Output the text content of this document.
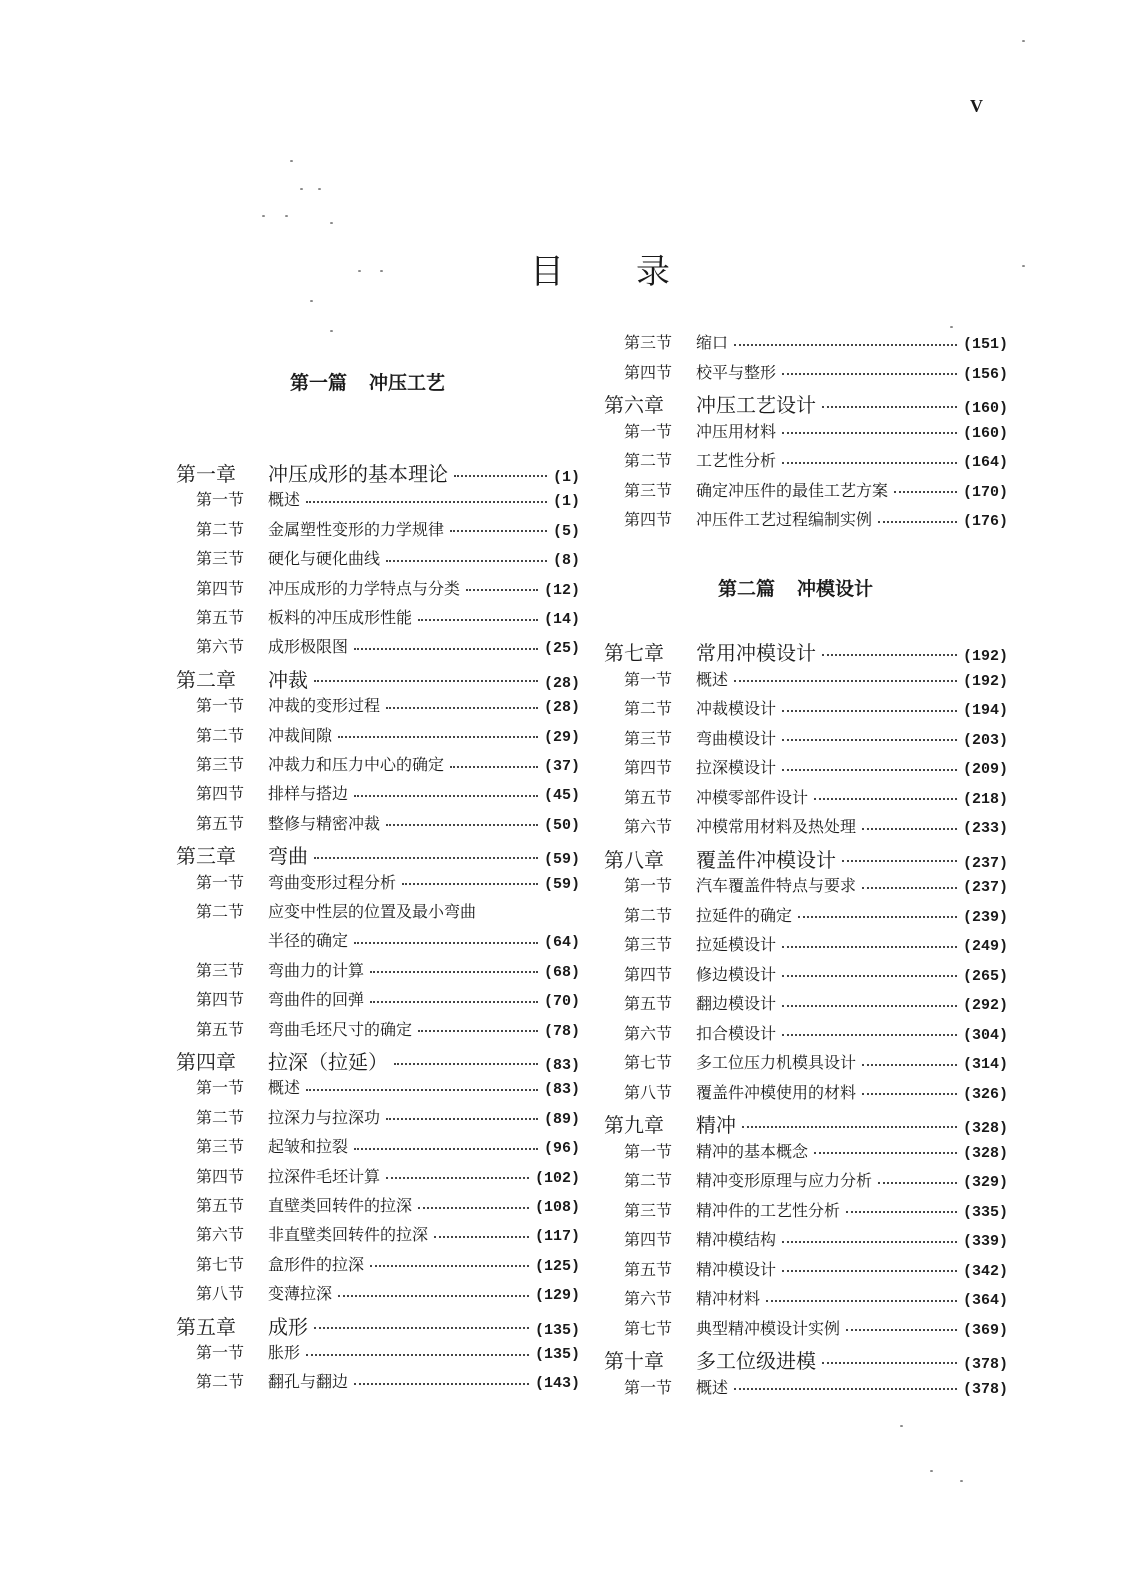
V
目 录
第一篇 冲压工艺
第二篇 冲模设计
第一章	冲压成形的基本理论	(1)
第一节	概述	(1)
第二节	金属塑性变形的力学规律	(5)
第三节	硬化与硬化曲线	(8)
第四节	冲压成形的力学特点与分类	(12)
第五节	板料的冲压成形性能	(14)
第六节	成形极限图	(25)
第二章	冲裁	(28)
第一节	冲裁的变形过程	(28)
第二节	冲裁间隙	(29)
第三节	冲裁力和压力中心的确定	(37)
第四节	排样与搭边	(45)
第五节	整修与精密冲裁	(50)
第三章	弯曲	(59)
第一节	弯曲变形过程分析	(59)
第二节	应变中性层的位置及最小弯曲
半径的确定	(64)
第三节	弯曲力的计算	(68)
第四节	弯曲件的回弹	(70)
第五节	弯曲毛坯尺寸的确定	(78)
第四章	拉深（拉延）	(83)
第一节	概述	(83)
第二节	拉深力与拉深功	(89)
第三节	起皱和拉裂	(96)
第四节	拉深件毛坯计算	(102)
第五节	直壁类回转件的拉深	(108)
第六节	非直壁类回转件的拉深	(117)
第七节	盒形件的拉深	(125)
第八节	变薄拉深	(129)
第五章	成形	(135)
第一节	胀形	(135)
第二节	翻孔与翻边	(143)
第三节	缩口	(151)
第四节	校平与整形	(156)
第六章	冲压工艺设计	(160)
第一节	冲压用材料	(160)
第二节	工艺性分析	(164)
第三节	确定冲压件的最佳工艺方案	(170)
第四节	冲压件工艺过程编制实例	(176)
第七章	常用冲模设计	(192)
第一节	概述	(192)
第二节	冲裁模设计	(194)
第三节	弯曲模设计	(203)
第四节	拉深模设计	(209)
第五节	冲模零部件设计	(218)
第六节	冲模常用材料及热处理	(233)
第八章	覆盖件冲模设计	(237)
第一节	汽车覆盖件特点与要求	(237)
第二节	拉延件的确定	(239)
第三节	拉延模设计	(249)
第四节	修边模设计	(265)
第五节	翻边模设计	(292)
第六节	扣合模设计	(304)
第七节	多工位压力机模具设计	(314)
第八节	覆盖件冲模使用的材料	(326)
第九章	精冲	(328)
第一节	精冲的基本概念	(328)
第二节	精冲变形原理与应力分析	(329)
第三节	精冲件的工艺性分析	(335)
第四节	精冲模结构	(339)
第五节	精冲模设计	(342)
第六节	精冲材料	(364)
第七节	典型精冲模设计实例	(369)
第十章	多工位级进模	(378)
第一节	概述	(378)
